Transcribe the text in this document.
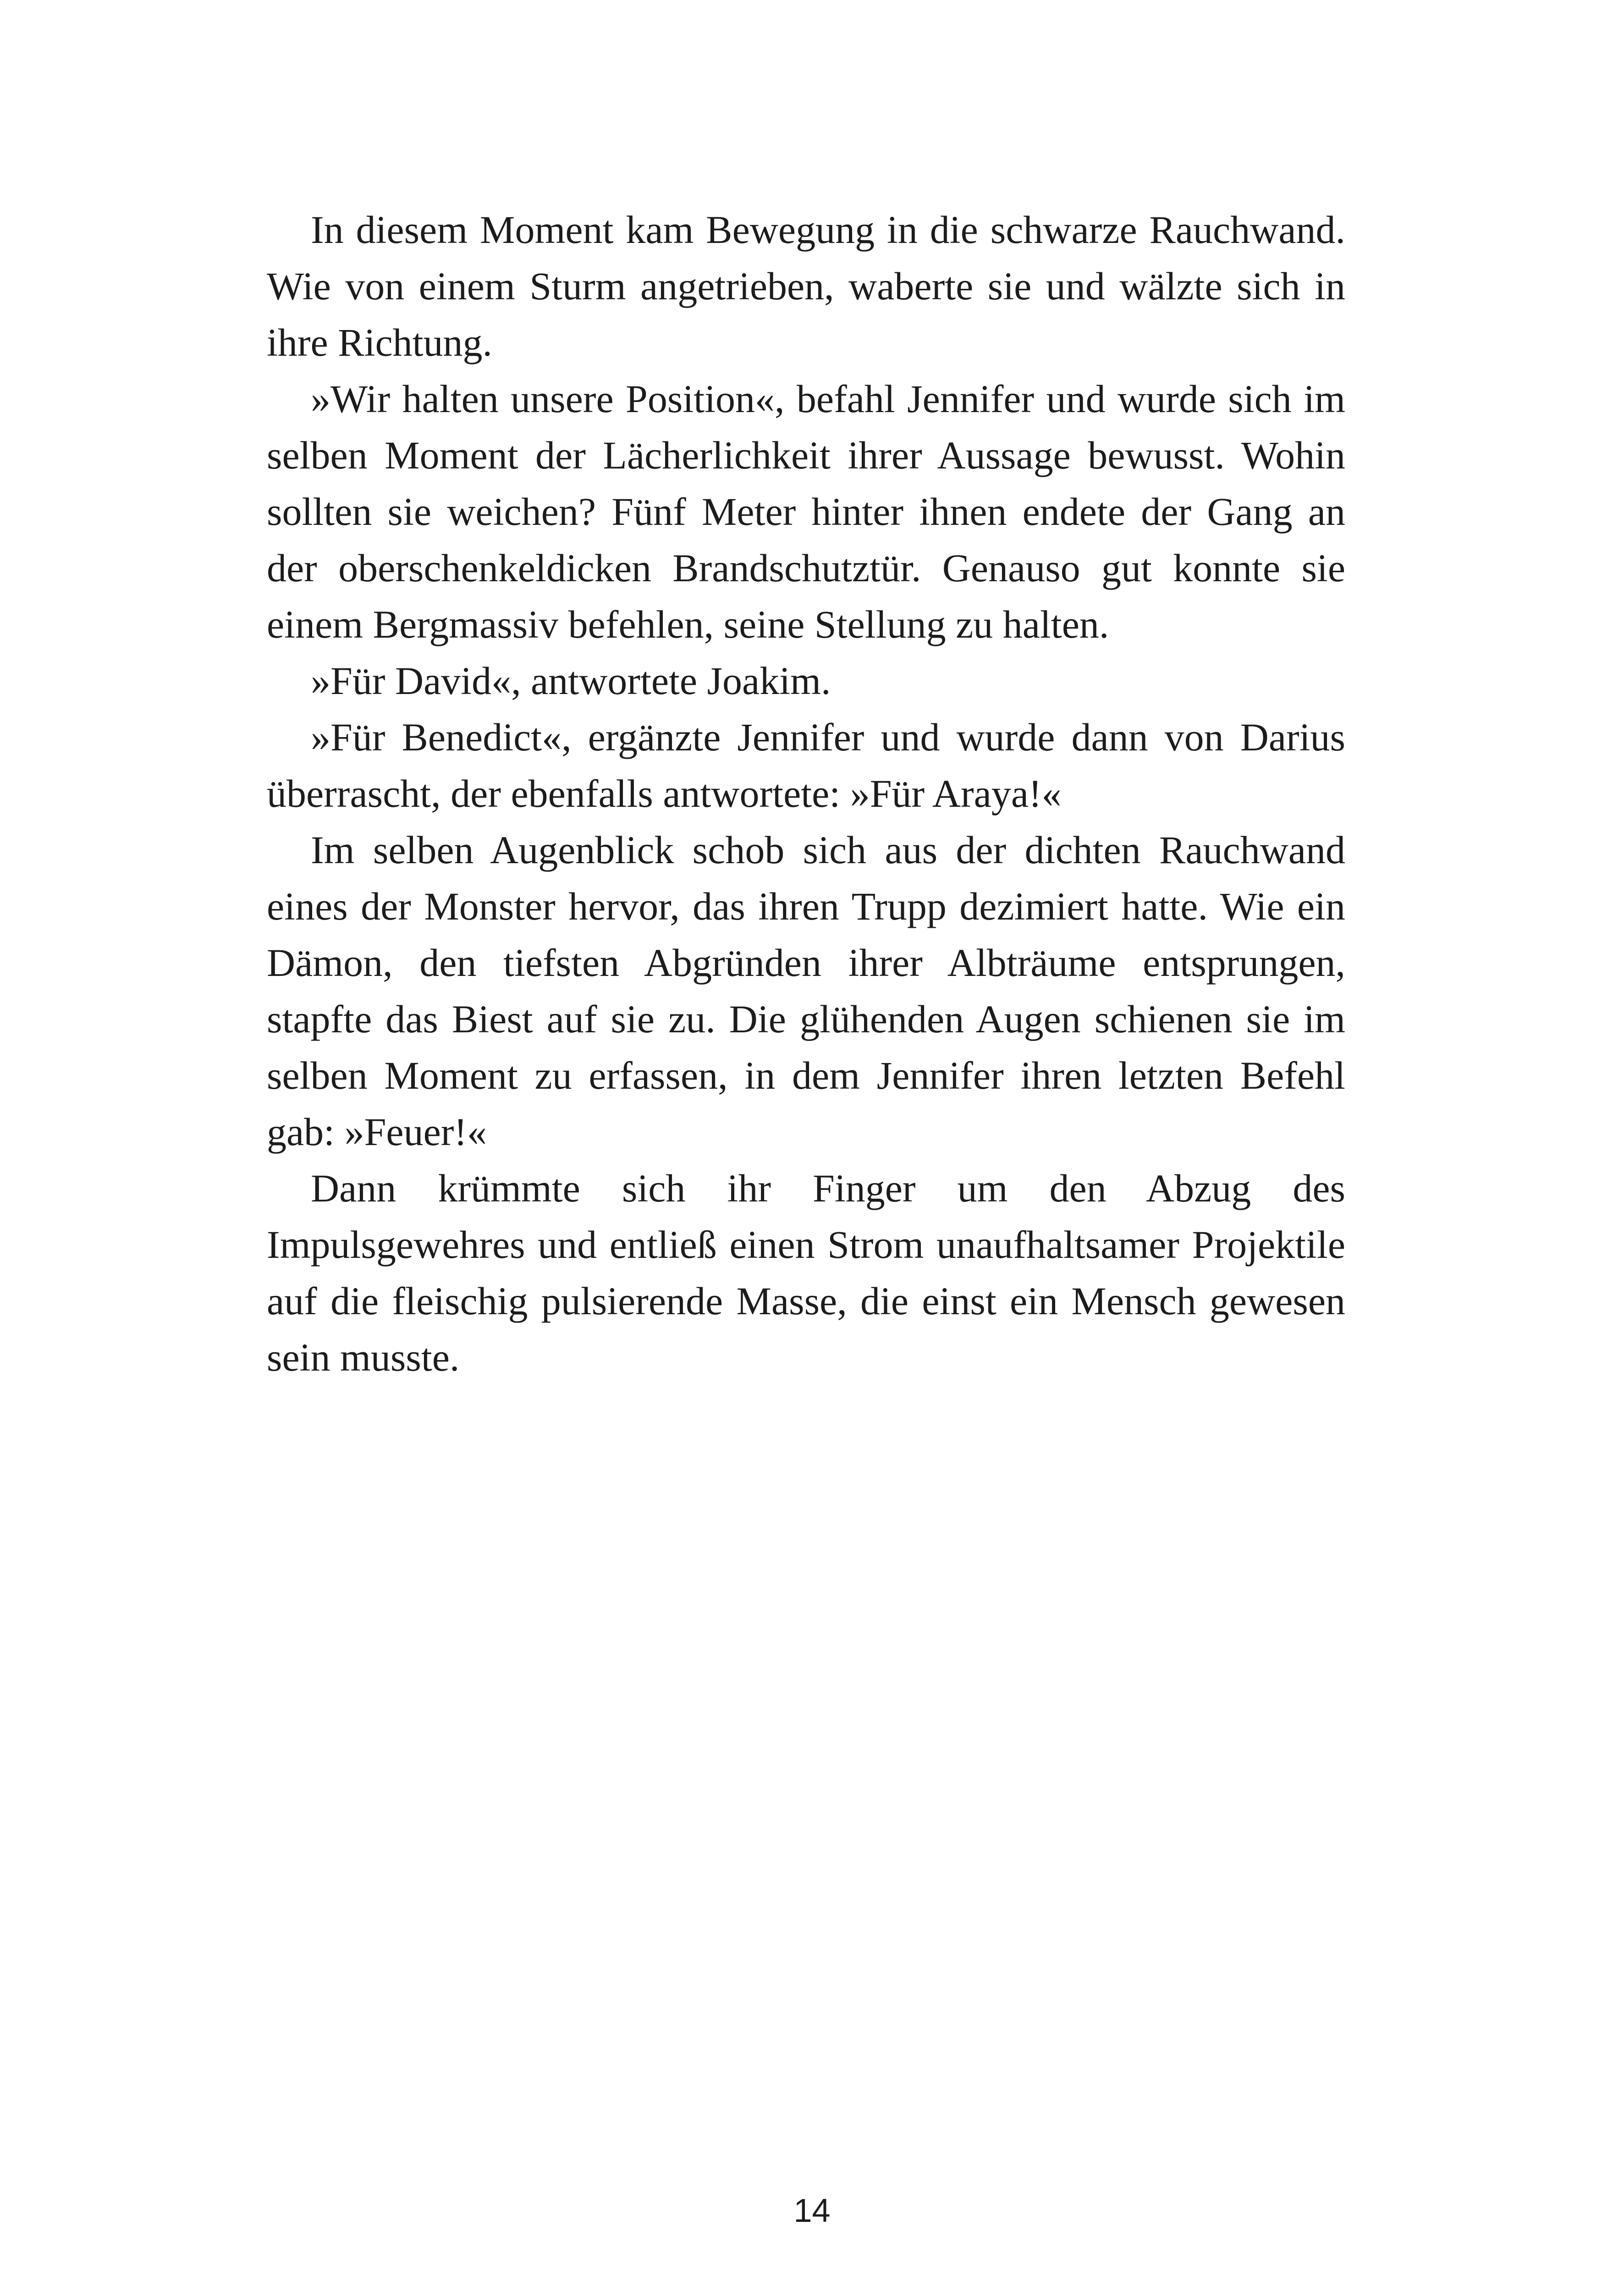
In diesem Moment kam Bewegung in die schwarze Rauchwand. Wie von einem Sturm angetrieben, waberte sie und wälzte sich in ihre Richtung.

»Wir halten unsere Position«, befahl Jennifer und wurde sich im selben Moment der Lächerlichkeit ihrer Aussage bewusst. Wohin sollten sie weichen? Fünf Meter hinter ihnen endete der Gang an der oberschenkeldicken Brandschutztür. Genauso gut konnte sie einem Bergmassiv befehlen, seine Stellung zu halten.

»Für David«, antwortete Joakim.

»Für Benedict«, ergänzte Jennifer und wurde dann von Darius überrascht, der ebenfalls antwortete: »Für Araya!«

Im selben Augenblick schob sich aus der dichten Rauchwand eines der Monster hervor, das ihren Trupp dezimiert hatte. Wie ein Dämon, den tiefsten Abgründen ihrer Albträume entsprungen, stapfte das Biest auf sie zu. Die glühenden Augen schienen sie im selben Moment zu erfassen, in dem Jennifer ihren letzten Befehl gab: »Feuer!«

Dann krümmte sich ihr Finger um den Abzug des Impulsgewehres und entließ einen Strom unaufhaltsamer Projektile auf die fleischig pulsierende Masse, die einst ein Mensch gewesen sein musste.

14
